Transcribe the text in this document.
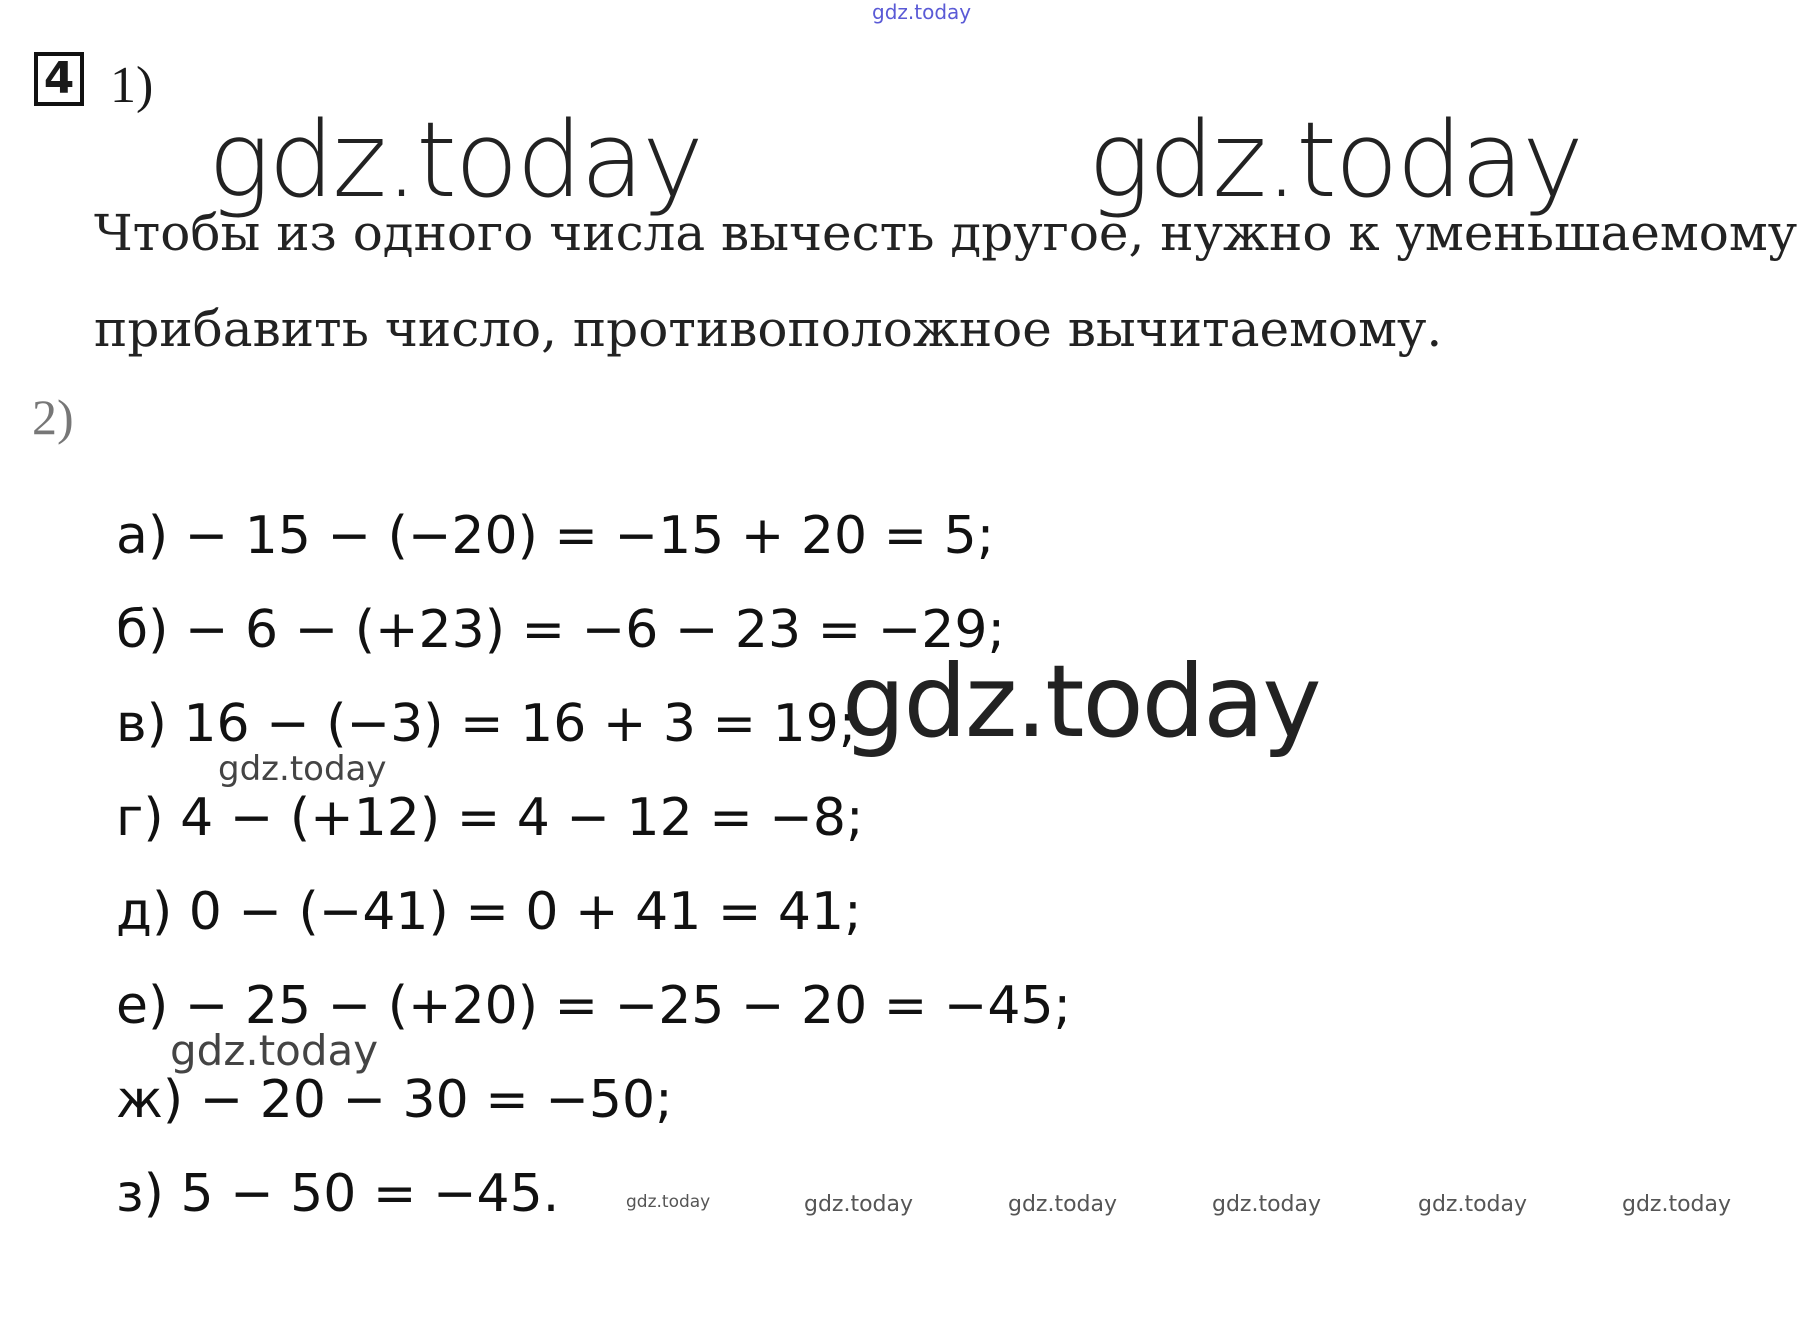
gdz.today
gdz.today	gdz.today
4 1)
Чтобы из одного числа вычесть другое, нужно к уменьшаемому
прибавить число, противоположное вычитаемому.
2)
а) − 15 − (−20) = −15 + 20 = 5;
б) − 6 − (+23) = −6 − 23 = −29;
в) 16 − (−3) = 16 + 3 = 19;
г) 4 − (+12) = 4 − 12 = −8;
д) 0 − (−41) = 0 + 41 = 41;
е) − 25 − (+20) = −25 − 20 = −45;
ж) − 20 − 30 = −50;
з) 5 − 50 = −45.
gdz.today
gdz.today
gdz.today
gdz.today	gdz.today	gdz.today	gdz.today	gdz.today	gdz.today
